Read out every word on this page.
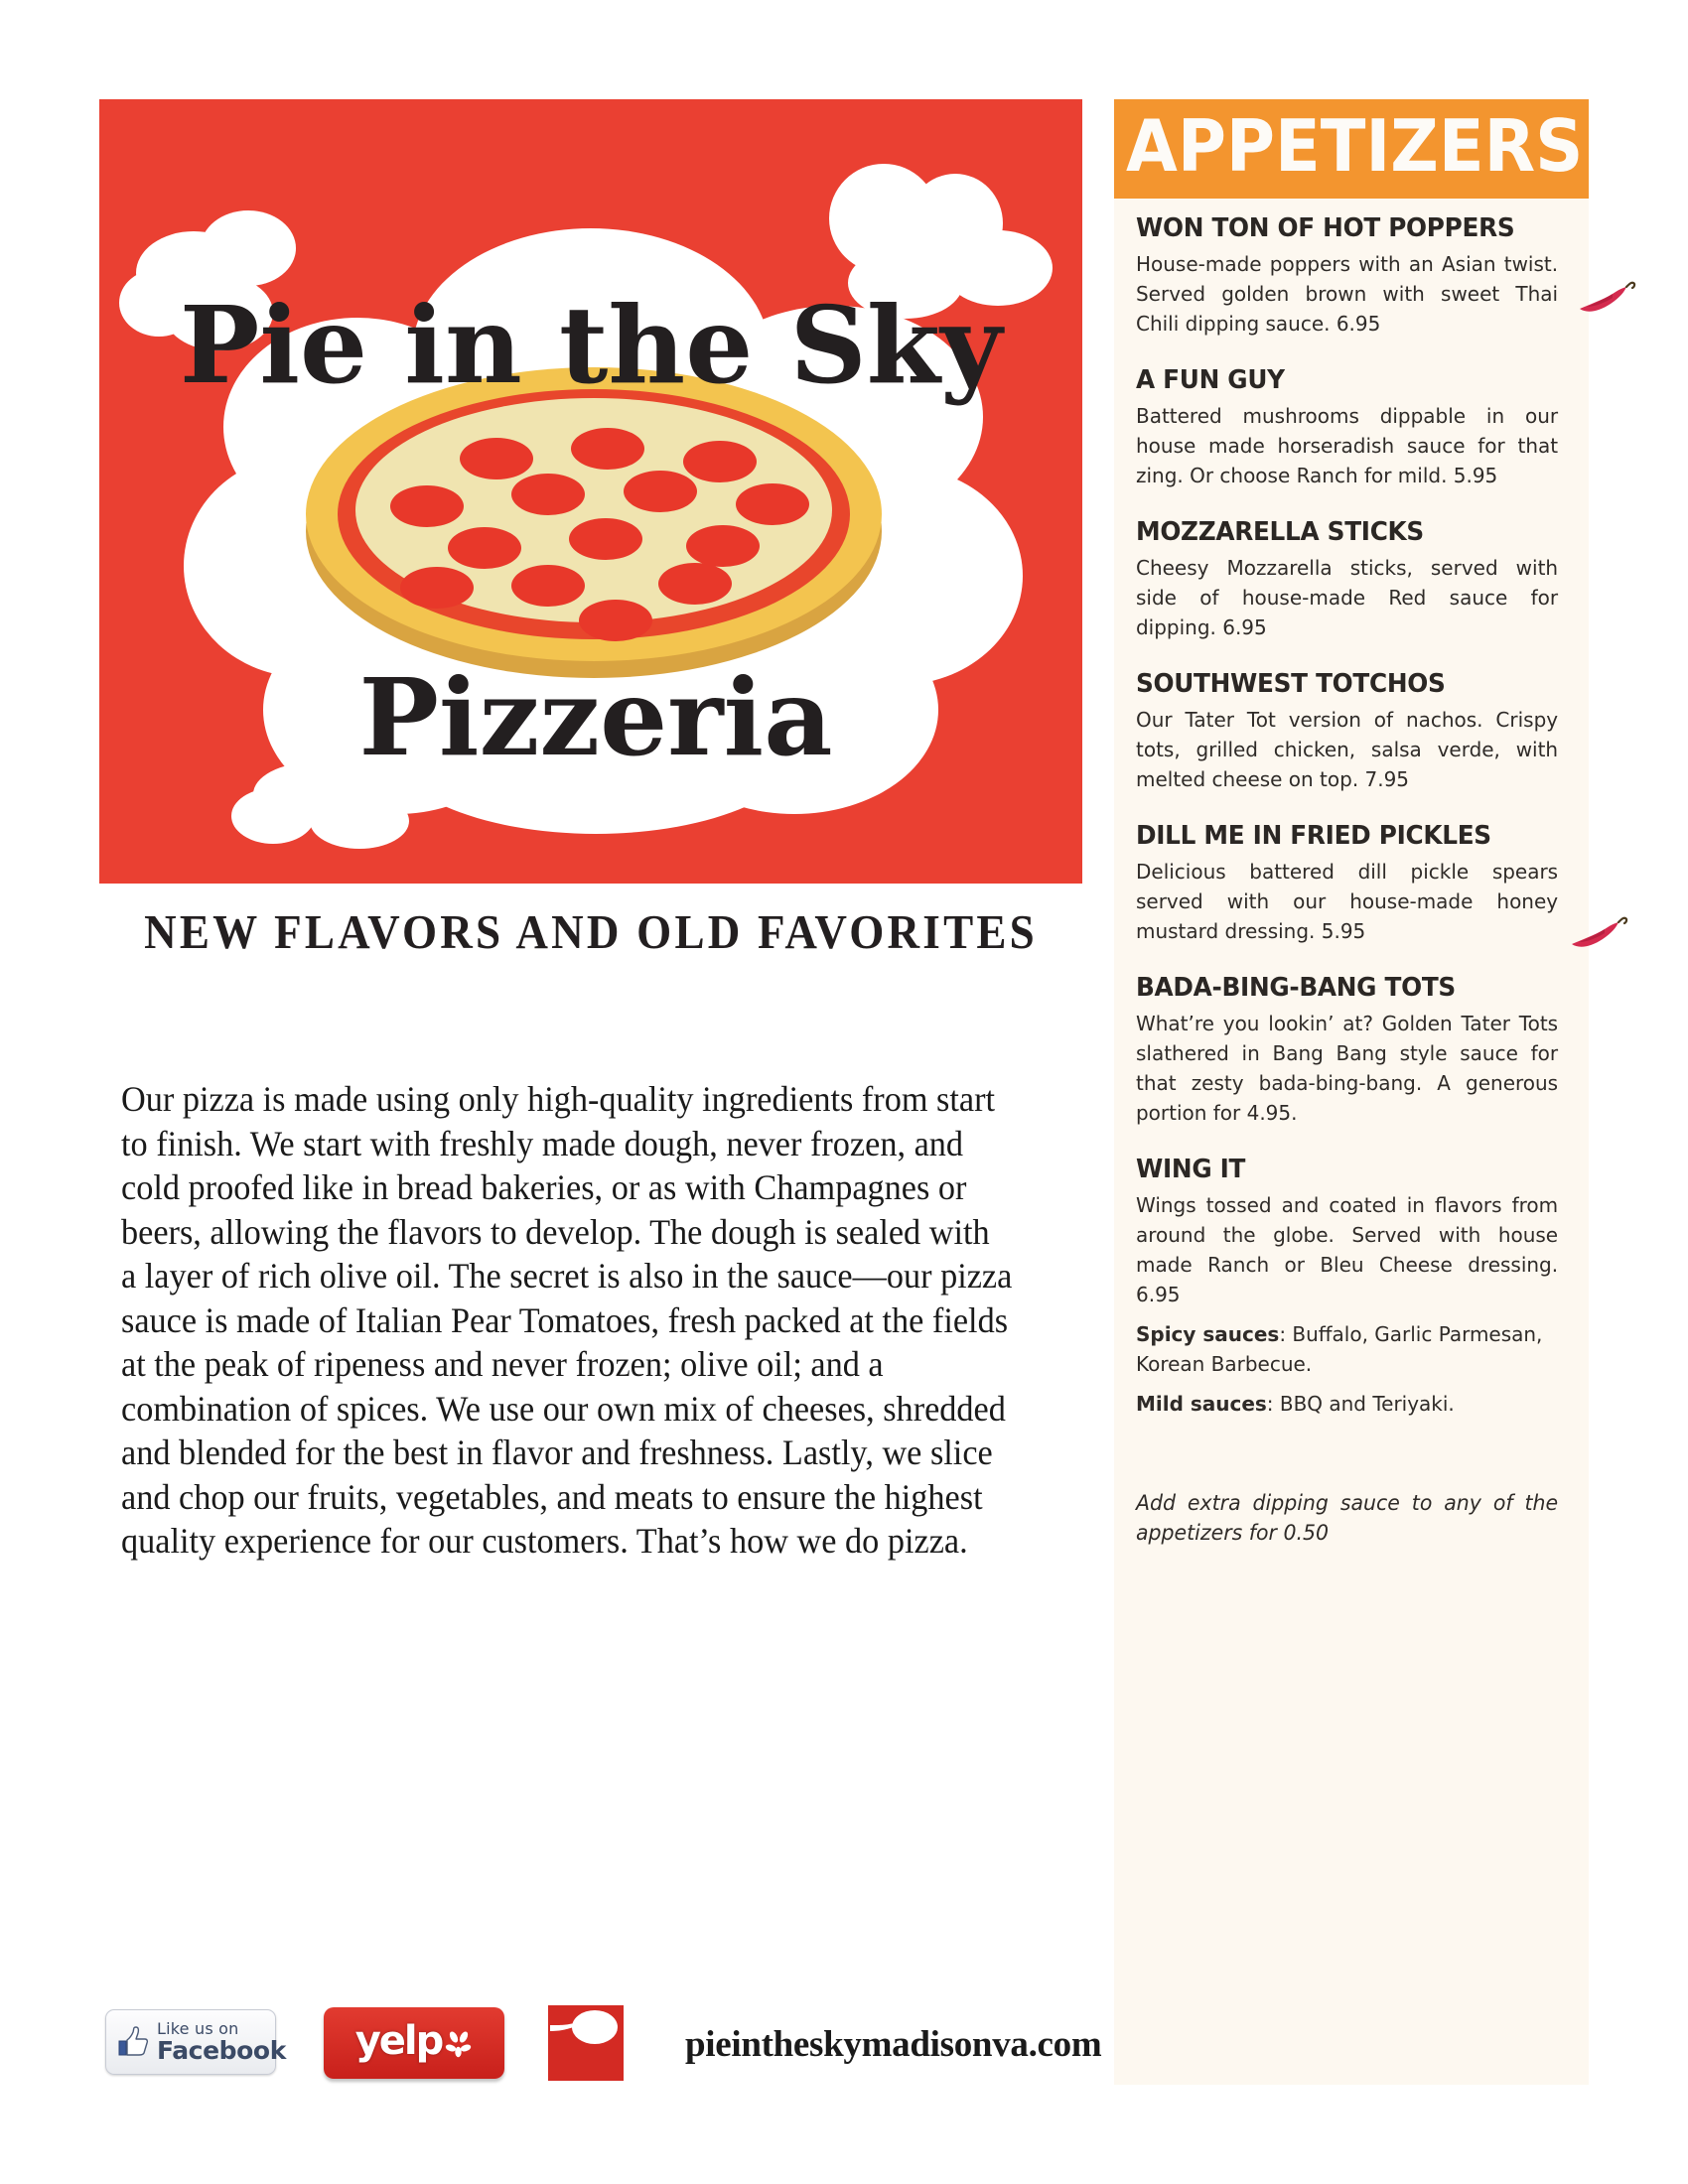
Pie in the Sky
Pizzeria
NEW FLAVORS AND OLD FAVORITES
Our pizza is made using only high-quality ingredients from start to finish. We start with freshly made dough, never frozen, and cold proofed like in bread bakeries, or as with Champagnes or beers, allowing the flavors to develop. The dough is sealed with a layer of rich olive oil. The secret is also in the sauce—our pizza sauce is made of Italian Pear Tomatoes, fresh packed at the fields at the peak of ripeness and never frozen; olive oil; and a combination of spices. We use our own mix of cheeses, shredded and blended for the best in flavor and freshness. Lastly, we slice and chop our fruits, vegetables, and meats to ensure the highest quality experience for our customers. That’s how we do pizza.
Like us on
Facebook yelp	pieintheskymadisonva.com
APPETIZERS
WON TON OF HOT POPPERS
House-made poppers with an Asian twist. Served golden brown with sweet Thai Chili dipping sauce. 6.95
A FUN GUY
Battered mushrooms dippable in our house made horseradish sauce for that zing. Or choose Ranch for mild. 5.95
MOZZARELLA STICKS
Cheesy Mozzarella sticks, served with side of house-made Red sauce for dipping. 6.95
SOUTHWEST TOTCHOS
Our Tater Tot version of nachos. Crispy tots, grilled chicken, salsa verde, with melted cheese on top. 7.95
DILL ME IN FRIED PICKLES
Delicious battered dill pickle spears served with our house-made honey mustard dressing. 5.95
BADA-BING-BANG TOTS
What’re you lookin’ at? Golden Tater Tots slathered in Bang Bang style sauce for that zesty bada-bing-bang. A generous portion for 4.95.
WING IT
Wings tossed and coated in flavors from around the globe. Served with house made Ranch or Bleu Cheese dressing. 6.95
Spicy sauces: Buffalo, Garlic Parmesan, Korean Barbecue.
Mild sauces: BBQ and Teriyaki.
Add extra dipping sauce to any of the appetizers for 0.50
